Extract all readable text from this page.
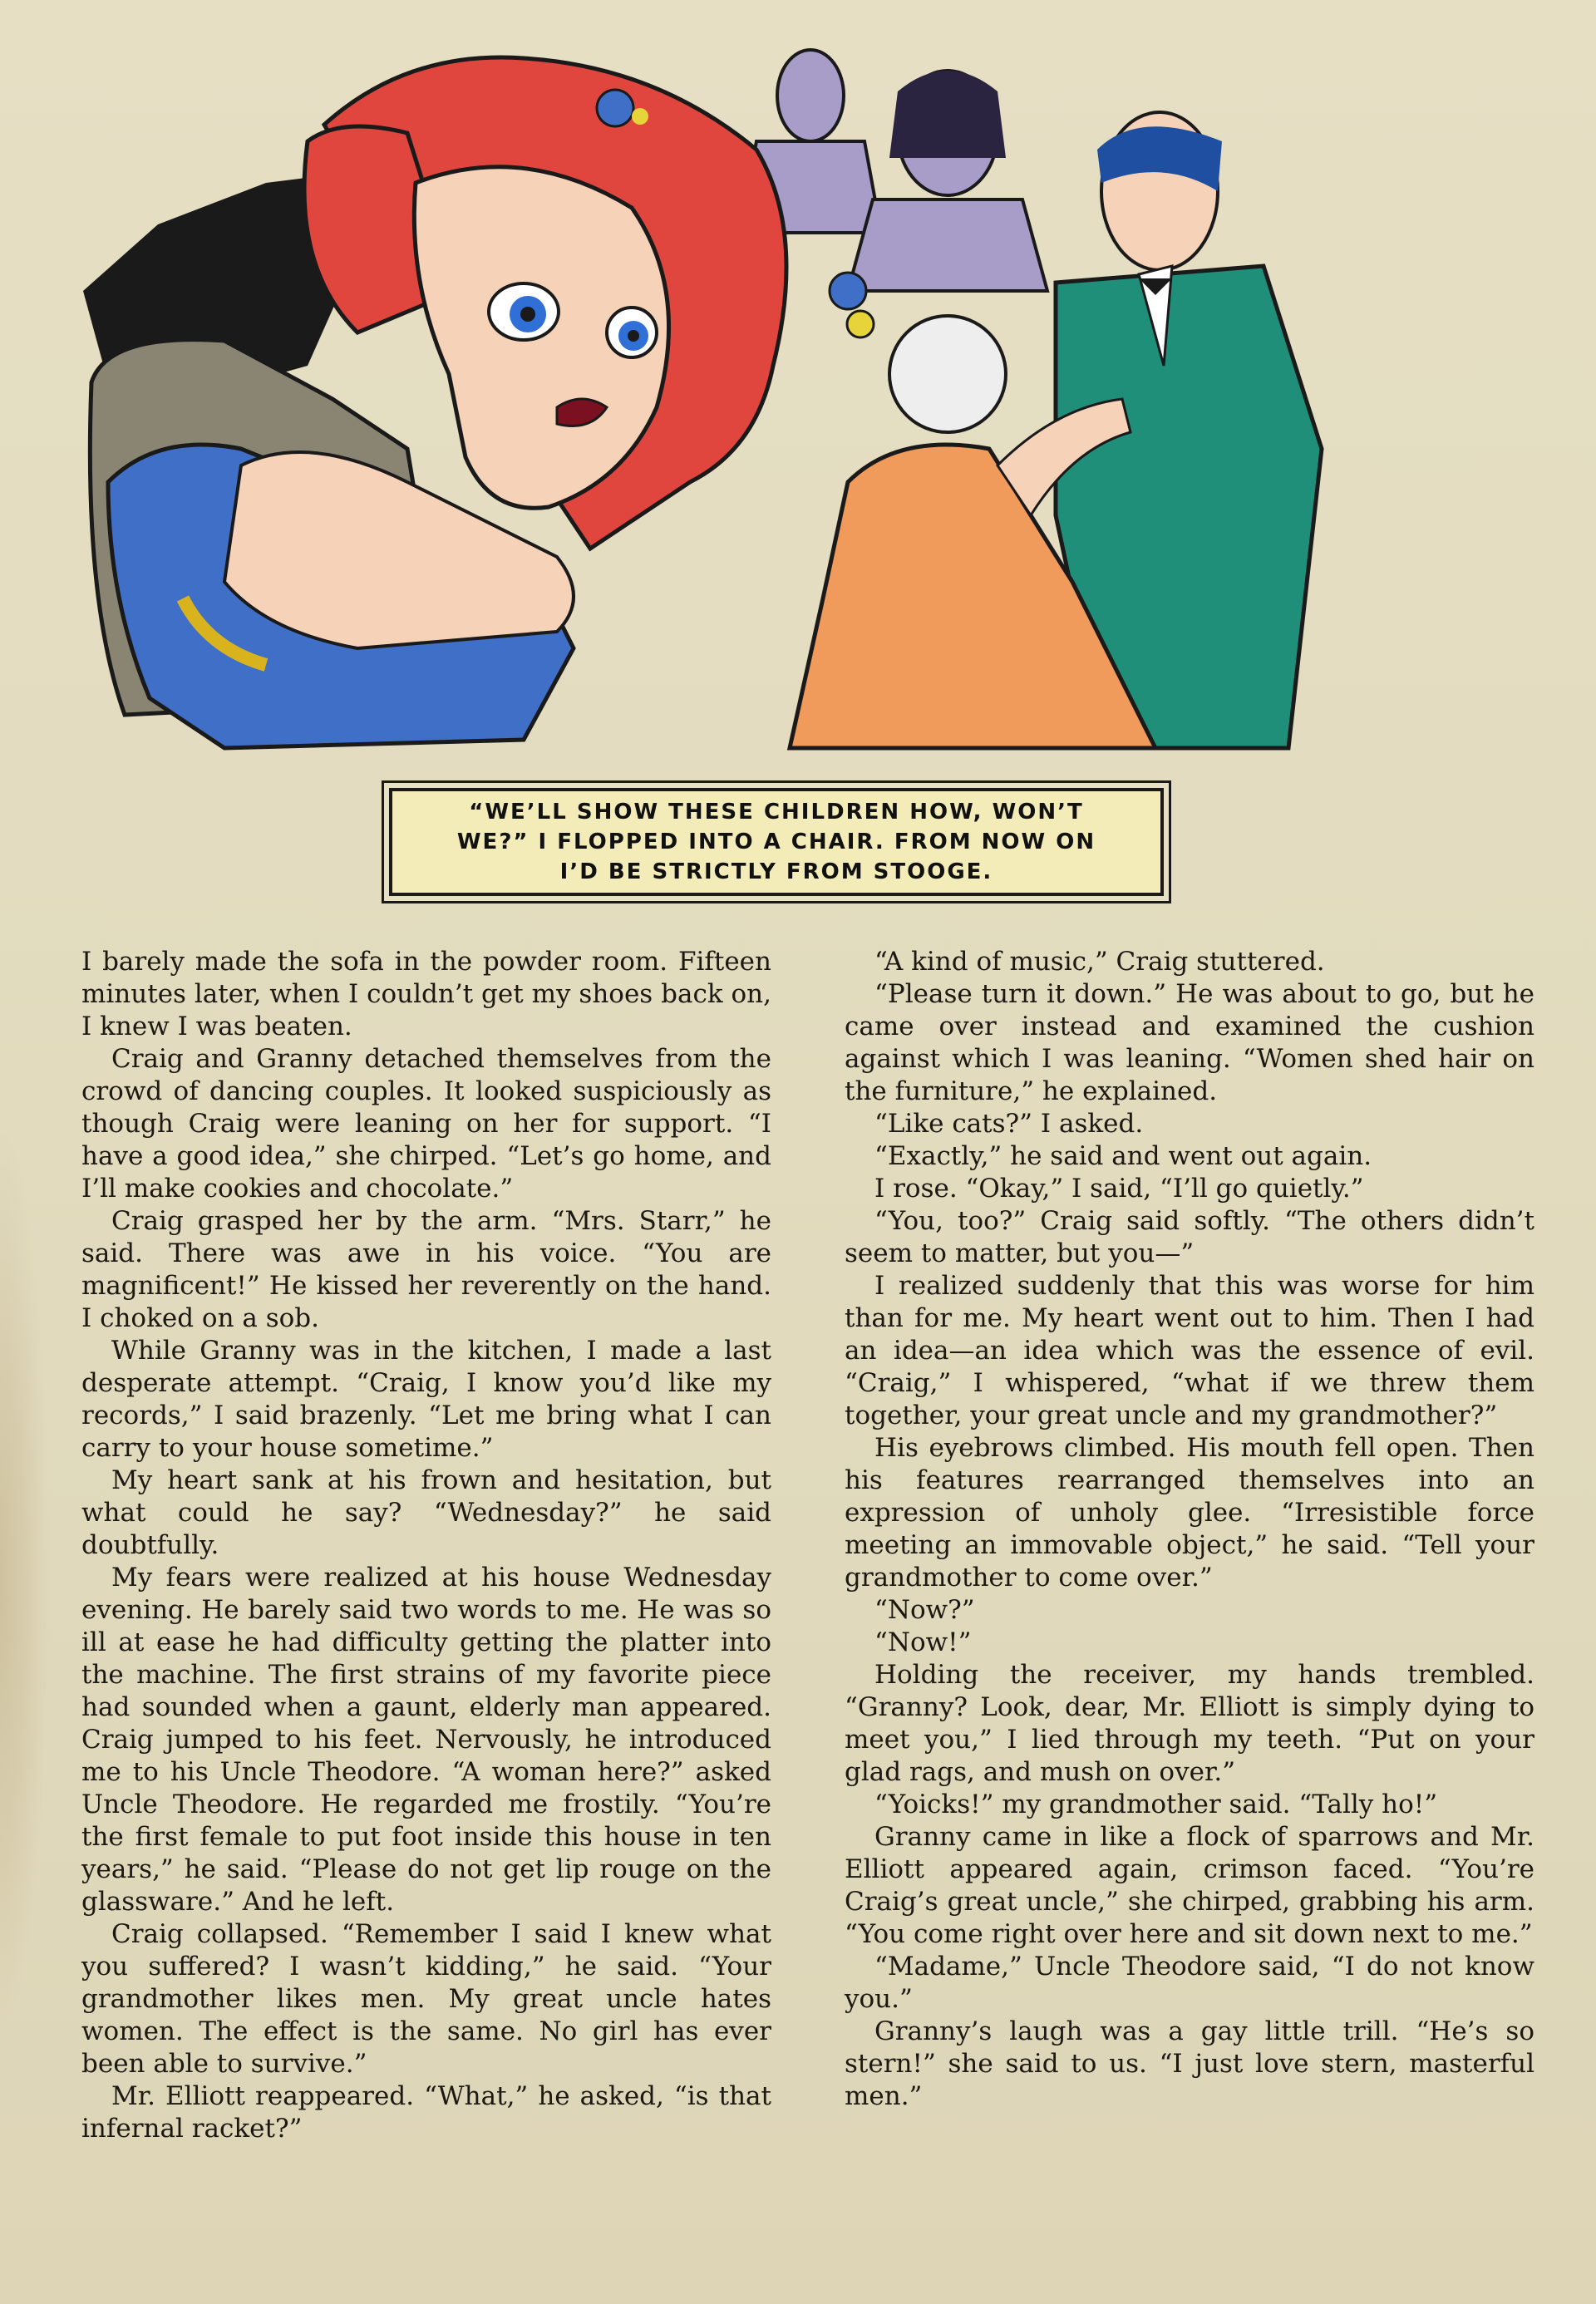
“WE’LL SHOW THESE CHILDREN HOW, WON’T
WE?” I FLOPPED INTO A CHAIR. FROM NOW ON
I’D BE STRICTLY FROM STOOGE.

I barely made the sofa in the powder room. Fifteen minutes later, when I couldn’t get my shoes back on, I knew I was beaten.

Craig and Granny detached themselves from the crowd of dancing couples. It looked suspiciously as though Craig were leaning on her for support. “I have a good idea,” she chirped. “Let’s go home, and I’ll make cookies and chocolate.”

Craig grasped her by the arm. “Mrs. Starr,” he said. There was awe in his voice. “You are magnificent!” He kissed her reverently on the hand. I choked on a sob.

While Granny was in the kitchen, I made a last desperate attempt. “Craig, I know you’d like my records,” I said brazenly. “Let me bring what I can carry to your house sometime.”

My heart sank at his frown and hesitation, but what could he say? “Wednesday?” he said doubtfully.

My fears were realized at his house Wednesday evening. He barely said two words to me. He was so ill at ease he had difficulty getting the platter into the machine. The first strains of my favorite piece had sounded when a gaunt, elderly man appeared. Craig jumped to his feet. Nervously, he introduced me to his Uncle Theodore. “A woman here?” asked Uncle Theodore. He regarded me frostily. “You’re the first female to put foot inside this house in ten years,” he said. “Please do not get lip rouge on the glassware.” And he left.

Craig collapsed. “Remember I said I knew what you suffered? I wasn’t kidding,” he said. “Your grandmother likes men. My great uncle hates women. The effect is the same. No girl has ever been able to survive.”

Mr. Elliott reappeared. “What,” he asked, “is that infernal racket?”

“A kind of music,” Craig stuttered.

“Please turn it down.” He was about to go, but he came over instead and examined the cushion against which I was leaning. “Women shed hair on the furniture,” he explained.

“Like cats?” I asked.

“Exactly,” he said and went out again.

I rose. “Okay,” I said, “I’ll go quietly.”

“You, too?” Craig said softly. “The others didn’t seem to matter, but you—”

I realized suddenly that this was worse for him than for me. My heart went out to him. Then I had an idea—an idea which was the essence of evil. “Craig,” I whispered, “what if we threw them together, your great uncle and my grandmother?”

His eyebrows climbed. His mouth fell open. Then his features rearranged themselves into an expression of unholy glee. “Irresistible force meeting an immovable object,” he said. “Tell your grandmother to come over.”

“Now?”

“Now!”

Holding the receiver, my hands trembled. “Granny? Look, dear, Mr. Elliott is simply dying to meet you,” I lied through my teeth. “Put on your glad rags, and mush on over.”

“Yoicks!” my grandmother said. “Tally ho!”

Granny came in like a flock of sparrows and Mr. Elliott appeared again, crimson faced. “You’re Craig’s great uncle,” she chirped, grabbing his arm. “You come right over here and sit down next to me.”

“Madame,” Uncle Theodore said, “I do not know you.”

Granny’s laugh was a gay little trill. “He’s so stern!” she said to us. “I just love stern, masterful men.”
